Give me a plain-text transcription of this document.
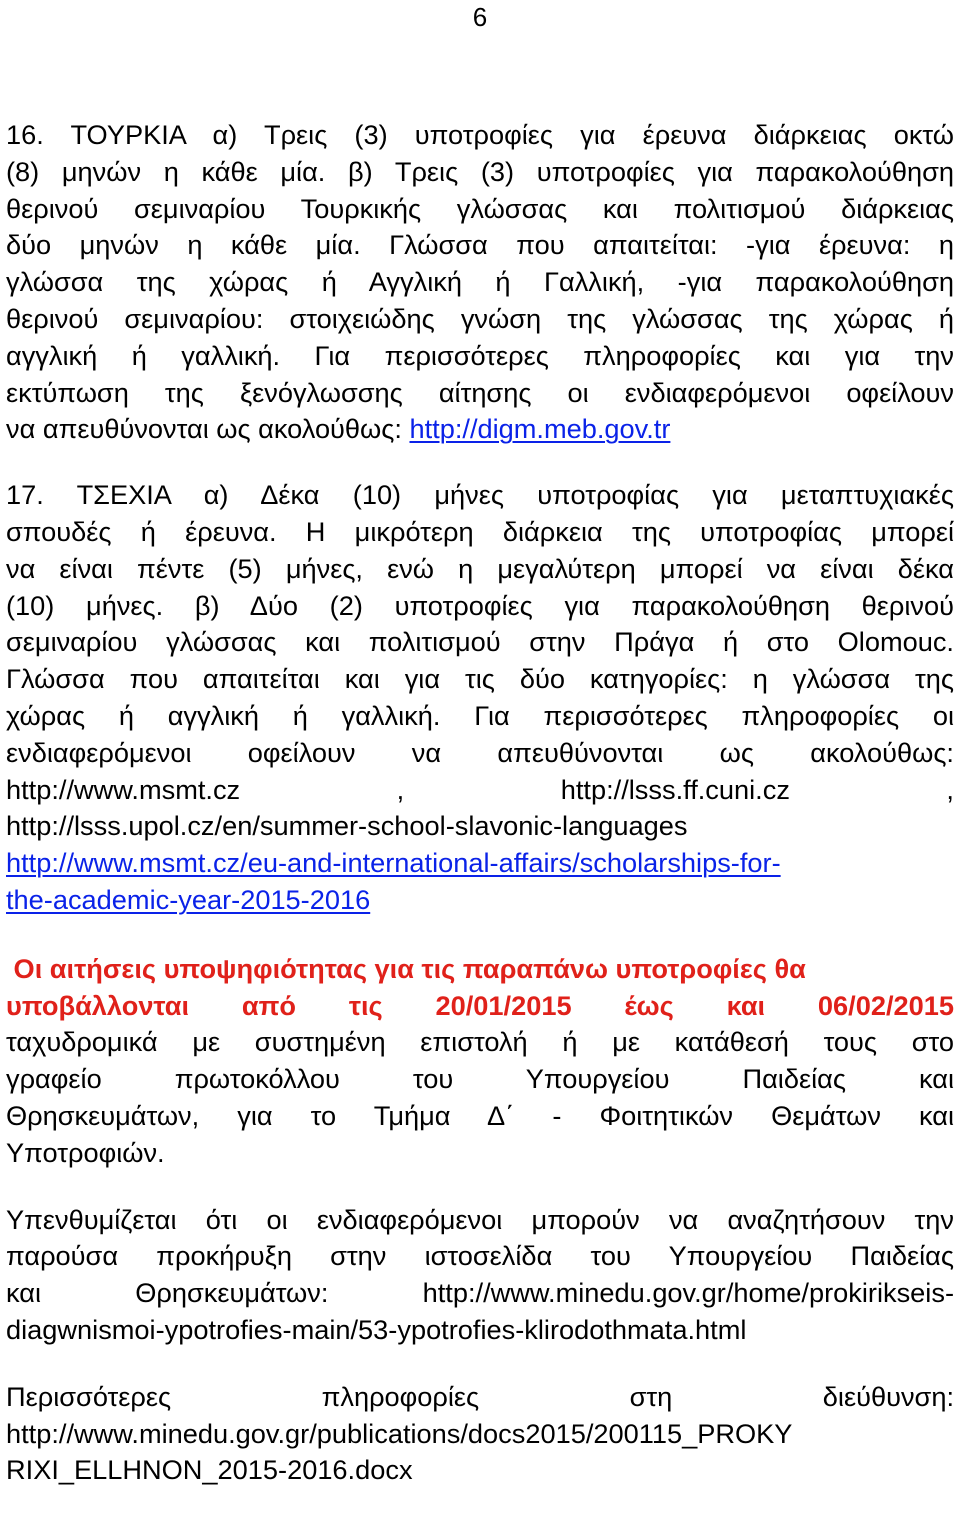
6
16. ΤΟΥΡΚΙΑ α) Τρεις (3) υποτροφίες για έρευνα διάρκειας οκτώ
(8) μηνών η κάθε μία. β) Τρεις (3) υποτροφίες για παρακολούθηση
θερινού σεμιναρίου Τουρκικής γλώσσας και πολιτισμού διάρκειας
δύο μηνών η κάθε μία. Γλώσσα που απαιτείται: -για έρευνα: η
γλώσσα της χώρας ή Αγγλική ή Γαλλική, -για παρακολούθηση
θερινού σεμιναρίου: στοιχειώδης γνώση της γλώσσας της χώρας ή
αγγλική ή γαλλική. Για περισσότερες πληροφορίες και για την
εκτύπωση της ξενόγλωσσης αίτησης οι ενδιαφερόμενοι οφείλουν
να απευθύνονται ως ακολούθως: http://digm.meb.gov.tr
17. ΤΣΕΧΙΑ α) Δέκα (10) μήνες υποτροφίας για μεταπτυχιακές
σπουδές ή έρευνα. Η μικρότερη διάρκεια της υποτροφίας μπορεί
να είναι πέντε (5) μήνες, ενώ η μεγαλύτερη μπορεί να είναι δέκα
(10) μήνες. β) Δύο (2) υποτροφίες για παρακολούθηση θερινού
σεμιναρίου γλώσσας και πολιτισμού στην Πράγα ή στο Olomouc.
Γλώσσα που απαιτείται και για τις δύο κατηγορίες: η γλώσσα της
χώρας ή αγγλική ή γαλλική. Για περισσότερες πληροφορίες οι
ενδιαφερόμενοι οφείλουν να απευθύνονται ως ακολούθως:
http://www.msmt.cz , http://lsss.ff.cuni.cz ,
http://lsss.upol.cz/en/summer-school-slavonic-languages
http://www.msmt.cz/eu-and-international-affairs/scholarships-for-
the-academic-year-2015-2016
Οι αιτήσεις υποψηφιότητας για τις παραπάνω υποτροφίες θα
υποβάλλονται από τις 20/01/2015 έως και 06/02/2015
ταχυδρομικά με συστημένη επιστολή ή με κατάθεσή τους στο
γραφείο πρωτοκόλλου του Υπουργείου Παιδείας και
Θρησκευμάτων, για το Τμήμα Δ΄ - Φοιτητικών Θεμάτων και
Υποτροφιών.
Υπενθυμίζεται ότι οι ενδιαφερόμενοι μπορούν να αναζητήσουν την
παρούσα προκήρυξη στην ιστοσελίδα του Υπουργείου Παιδείας
και Θρησκευμάτων: http://www.minedu.gov.gr/home/prokirikseis-
diagwnismoi-ypotrofies-main/53-ypotrofies-klirodothmata.html
Περισσότερες πληροφορίες στη διεύθυνση:
http://www.minedu.gov.gr/publications/docs2015/200115_PROKY
RIXI_ELLHNON_2015-2016.docx
